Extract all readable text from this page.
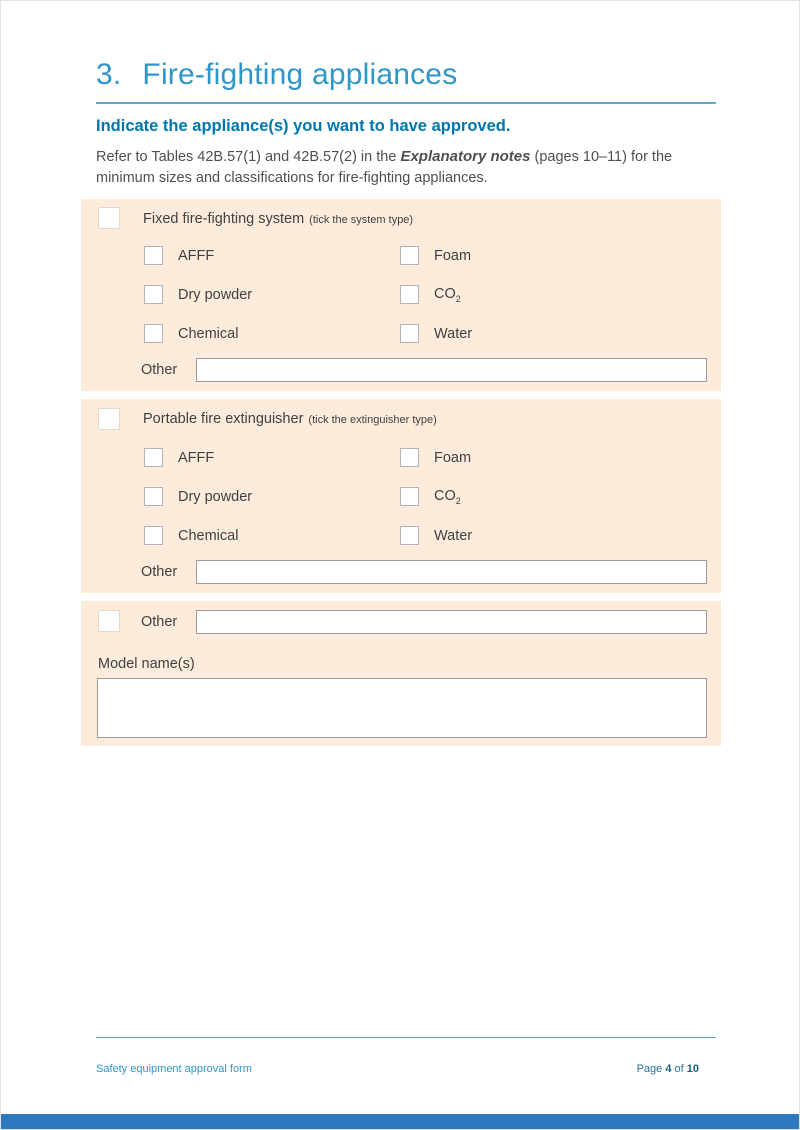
3. Fire-fighting appliances
Indicate the appliance(s) you want to have approved.

Refer to Tables 42B.57(1) and 42B.57(2) in the Explanatory notes (pages 10–11) for the minimum sizes and classifications for fire-fighting appliances.

Fixed fire-fighting system (tick the system type)
AFFF	Foam
Dry powder	$CO_2$
Chemical	Water
Other
Portable fire extinguisher (tick the extinguisher type)
AFFF	Foam
Dry powder	$CO_2$
Chemical	Water
Other
Other
Model name(s)
Safety equipment approval form	Page 4 of 10
